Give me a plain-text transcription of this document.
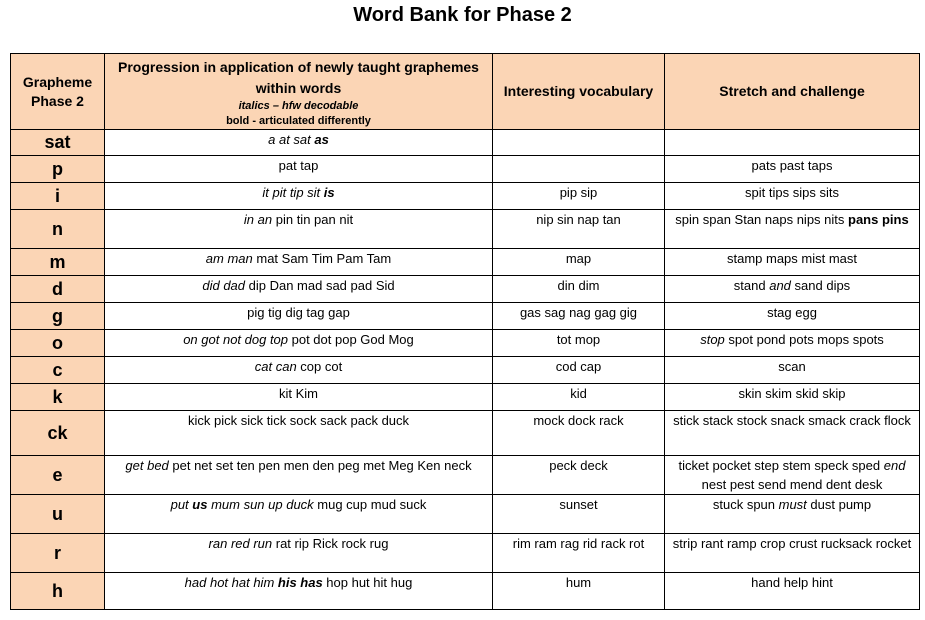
Word Bank for Phase 2
Grapheme Phase 2	Progression in application of newly taught graphemes within words
italics – hfw decodable
bold - articulated differently	Interesting vocabulary	Stretch and challenge
sat	a at sat as		
p	pat tap		pats past taps
i	it pit tip sit is	pip sip	spit tips sips sits
n	in an pin tin pan nit	nip sin nap tan	spin span Stan naps nips nits pans pins
m	am man mat Sam Tim Pam Tam	map	stamp maps mist mast
d	did dad dip Dan mad sad pad Sid	din dim	stand and sand dips
g	pig tig dig tag gap	gas sag nag gag gig	stag egg
o	on got not dog top pot dot pop God Mog	tot mop	stop spot pond pots mops spots
c	cat can cop cot	cod cap	scan
k	kit Kim	kid	skin skim skid skip
ck	kick pick sick tick sock sack pack duck	mock dock rack	stick stack stock snack smack crack flock
e	get bed pet net set ten pen men den peg met Meg Ken neck	peck deck	ticket pocket step stem speck sped end nest pest send mend dent desk
u	put us mum sun up duck mug cup mud suck	sunset	stuck spun must dust pump
r	ran red run rat rip Rick rock rug	rim ram rag rid rack rot	strip rant ramp crop crust rucksack rocket
h	had hot hat him his has hop hut hit hug	hum	hand help hint
